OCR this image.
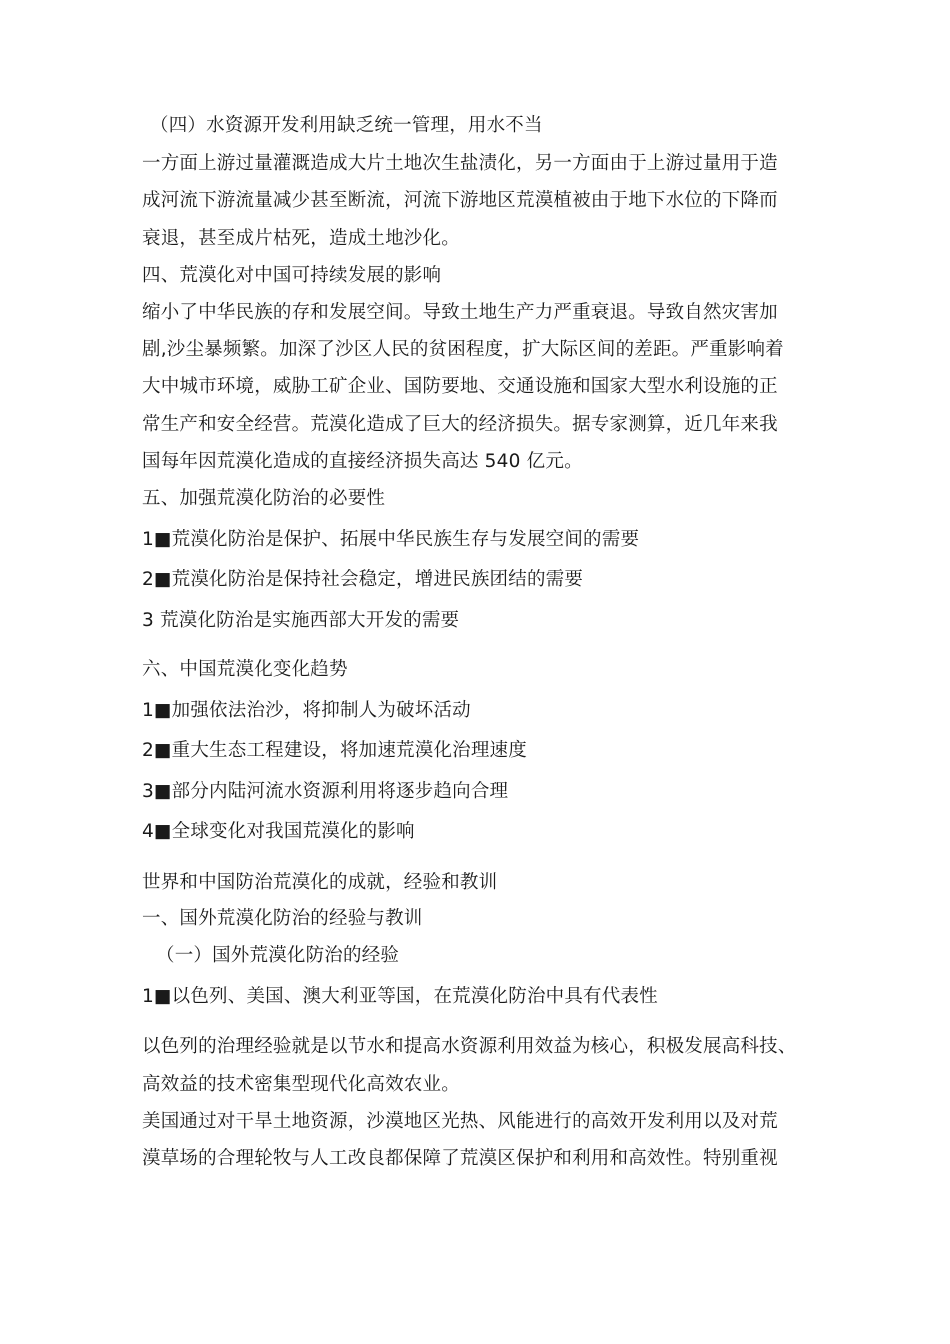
（四）水资源开发利用缺乏统一管理，用水不当
一方面上游过量灌溉造成大片土地次生盐渍化，另一方面由于上游过量用于造
成河流下游流量减少甚至断流，河流下游地区荒漠植被由于地下水位的下降而
衰退，甚至成片枯死，造成土地沙化。
四、荒漠化对中国可持续发展的影响
缩小了中华民族的存和发展空间。导致土地生产力严重衰退。导致自然灾害加
剧,沙尘暴频繁。加深了沙区人民的贫困程度，扩大际区间的差距。严重影响着
大中城市环境，威胁工矿企业、国防要地、交通设施和国家大型水利设施的正
常生产和安全经营。荒漠化造成了巨大的经济损失。据专家测算，近几年来我
国每年因荒漠化造成的直接经济损失高达 540 亿元。
五、加强荒漠化防治的必要性
1■荒漠化防治是保护、拓展中华民族生存与发展空间的需要
2■荒漠化防治是保持社会稳定，增进民族团结的需要
3 荒漠化防治是实施西部大开发的需要
六、中国荒漠化变化趋势
1■加强依法治沙，将抑制人为破坏活动
2■重大生态工程建设，将加速荒漠化治理速度
3■部分内陆河流水资源利用将逐步趋向合理
4■全球变化对我国荒漠化的影响
世界和中国防治荒漠化的成就，经验和教训
一、国外荒漠化防治的经验与教训
（一）国外荒漠化防治的经验
1■以色列、美国、澳大利亚等国，在荒漠化防治中具有代表性
以色列的治理经验就是以节水和提高水资源利用效益为核心，积极发展高科技、
高效益的技术密集型现代化高效农业。
美国通过对干旱土地资源，沙漠地区光热、风能进行的高效开发利用以及对荒
漠草场的合理轮牧与人工改良都保障了荒漠区保护和利用和高效性。特别重视
